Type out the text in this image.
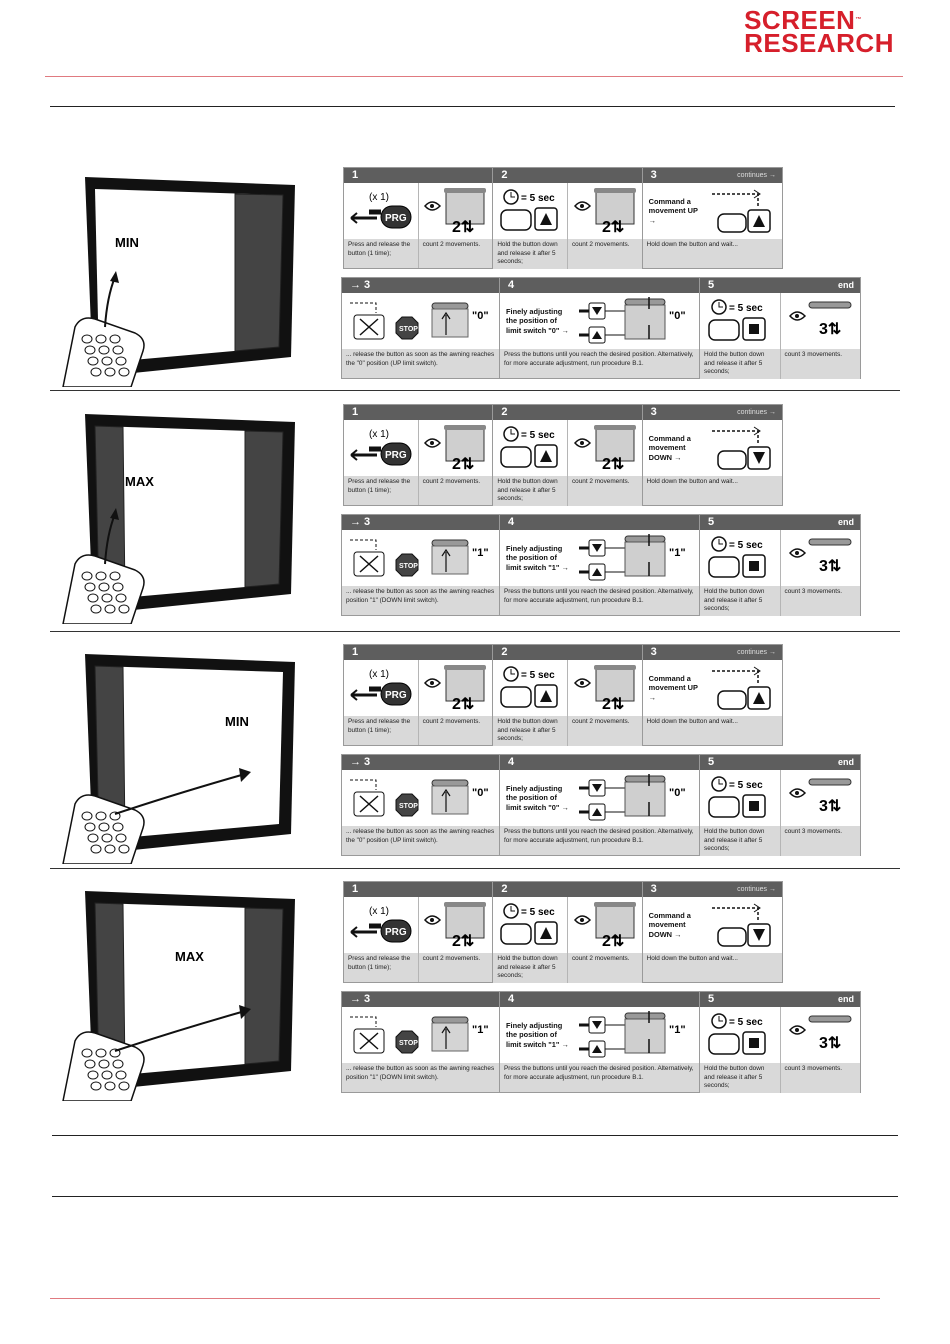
SCREEN™
RESEARCH
MIN
1
(x 1)
PRG
Press and release the button (1 time);
2⇅
count 2 movements.
2
= 5 sec
Hold the button down and release it after 5 seconds;
2⇅
count 2 movements.
3	continues →
Command a movement UP →
Hold down the button and wait...
→ 3
STOP
"0"
... release the button as soon as the awning reaches the "0" position (UP limit switch).
4
Finely adjusting the position of limit switch "0" →
"0"
Press the buttons until you reach the desired position. Alternatively, for more accurate adjustment, run procedure B.1.
5	end
= 5 sec
Hold the button down and release it after 5 seconds;
3⇅
count 3 movements.
MAX
1
(x 1)
PRG
Press and release the button (1 time);
2⇅
count 2 movements.
2
= 5 sec
Hold the button down and release it after 5 seconds;
2⇅
count 2 movements.
3	continues →
Command a movement DOWN →
Hold down the button and wait...
→ 3
STOP
"1"
... release the button as soon as the awning reaches position "1" (DOWN limit switch).
4
Finely adjusting the position of limit switch "1" →
"1"
Press the buttons until you reach the desired position. Alternatively, for more accurate adjustment, run procedure B.1.
5	end
= 5 sec
Hold the button down and release it after 5 seconds;
3⇅
count 3 movements.
MIN
1
(x 1)
PRG
Press and release the button (1 time);
2⇅
count 2 movements.
2
= 5 sec
Hold the button down and release it after 5 seconds;
2⇅
count 2 movements.
3	continues →
Command a movement UP →
Hold down the button and wait...
→ 3
STOP
"0"
... release the button as soon as the awning reaches the "0" position (UP limit switch).
4
Finely adjusting the position of limit switch "0" →
"0"
Press the buttons until you reach the desired position. Alternatively, for more accurate adjustment, run procedure B.1.
5	end
= 5 sec
Hold the button down and release it after 5 seconds;
3⇅
count 3 movements.
MAX
1
(x 1)
PRG
Press and release the button (1 time);
2⇅
count 2 movements.
2
= 5 sec
Hold the button down and release it after 5 seconds;
2⇅
count 2 movements.
3	continues →
Command a movement DOWN →
Hold down the button and wait...
→ 3
STOP
"1"
... release the button as soon as the awning reaches position "1" (DOWN limit switch).
4
Finely adjusting the position of limit switch "1" →
"1"
Press the buttons until you reach the desired position. Alternatively, for more accurate adjustment, run procedure B.1.
5	end
= 5 sec
Hold the button down and release it after 5 seconds;
3⇅
count 3 movements.
